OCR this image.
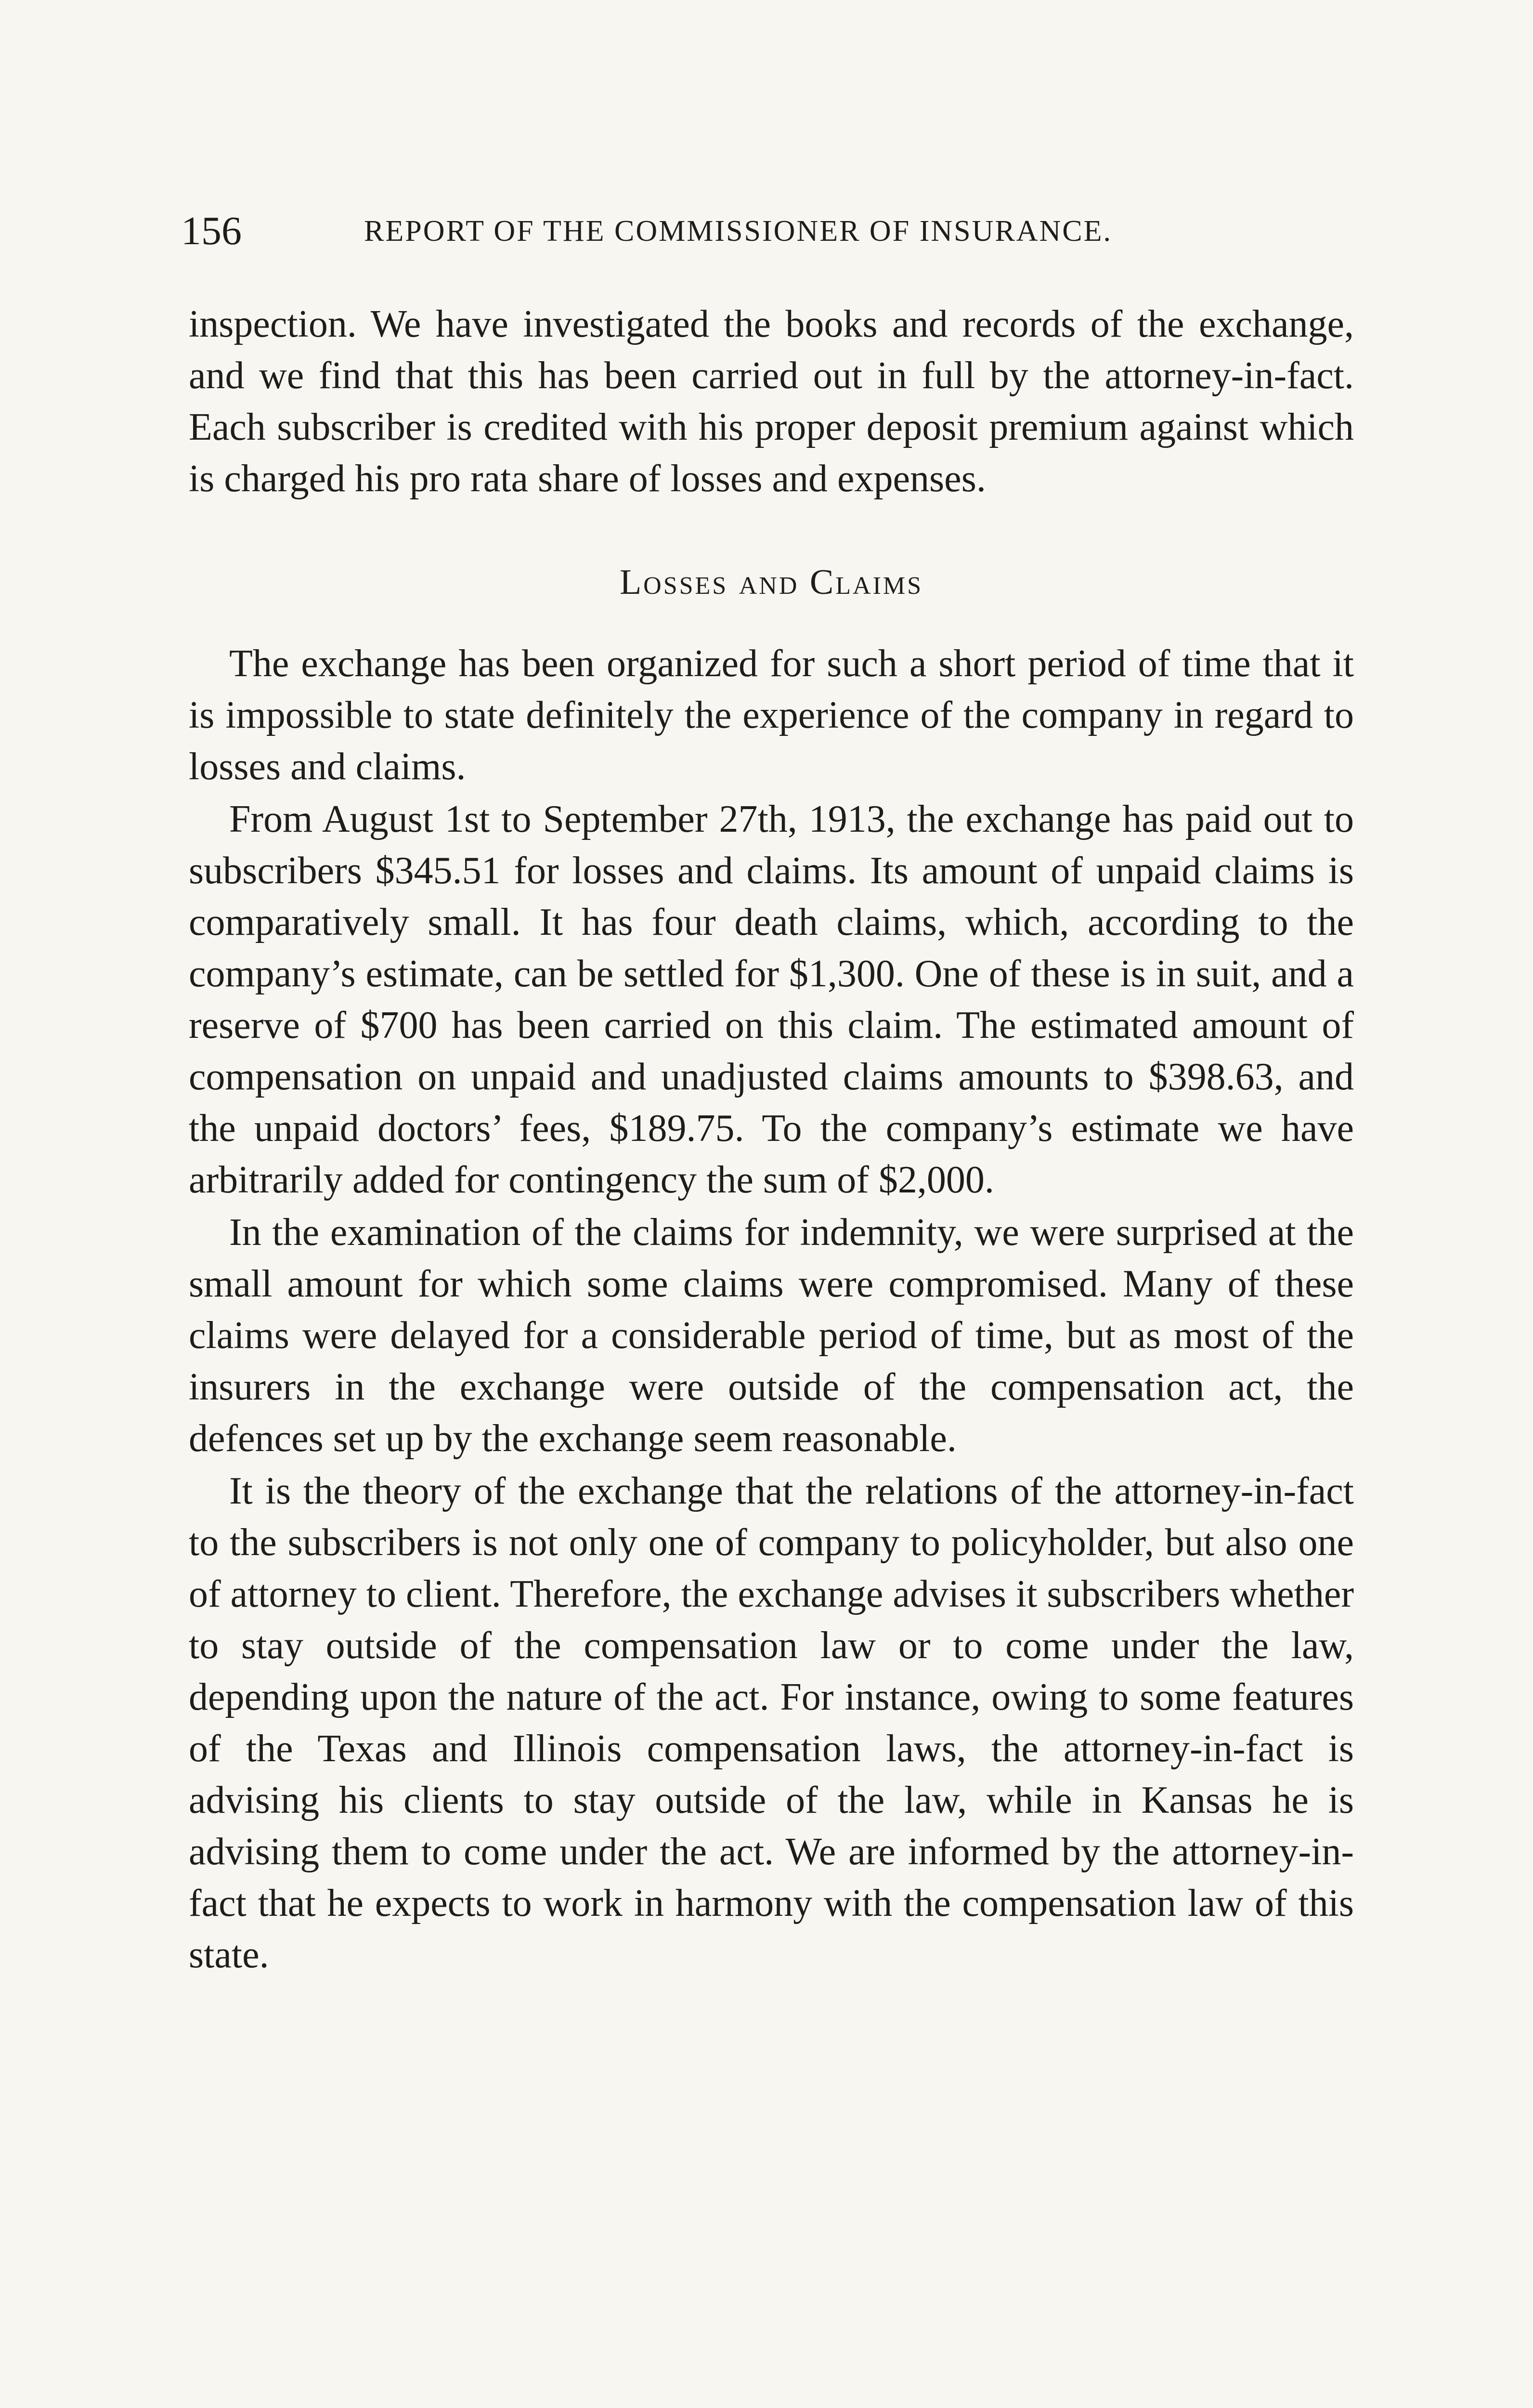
156	REPORT OF THE COMMISSIONER OF INSURANCE.

inspection. We have investigated the books and records of the exchange, and we find that this has been carried out in full by the attorney-in-fact. Each subscriber is credited with his proper deposit premium against which is charged his pro rata share of losses and expenses.

Losses and Claims

The exchange has been organized for such a short period of time that it is impossible to state definitely the experience of the company in regard to losses and claims.

From August 1st to September 27th, 1913, the exchange has paid out to subscribers $345.51 for losses and claims. Its amount of unpaid claims is comparatively small. It has four death claims, which, according to the company’s estimate, can be settled for $1,300. One of these is in suit, and a reserve of $700 has been carried on this claim. The estimated amount of compensation on unpaid and unadjusted claims amounts to $398.63, and the unpaid doctors’ fees, $189.75. To the company’s estimate we have arbitrarily added for contingency the sum of $2,000.

In the examination of the claims for indemnity, we were surprised at the small amount for which some claims were compromised. Many of these claims were delayed for a considerable period of time, but as most of the insurers in the exchange were outside of the compensation act, the defences set up by the exchange seem reasonable.

It is the theory of the exchange that the relations of the attorney-in-fact to the subscribers is not only one of company to policyholder, but also one of attorney to client. Therefore, the exchange advises it subscribers whether to stay outside of the compensation law or to come under the law, depending upon the nature of the act. For instance, owing to some features of the Texas and Illinois compensation laws, the attorney-in-fact is advising his clients to stay outside of the law, while in Kansas he is advising them to come under the act. We are informed by the attorney-in-fact that he expects to work in harmony with the compensation law of this state.
